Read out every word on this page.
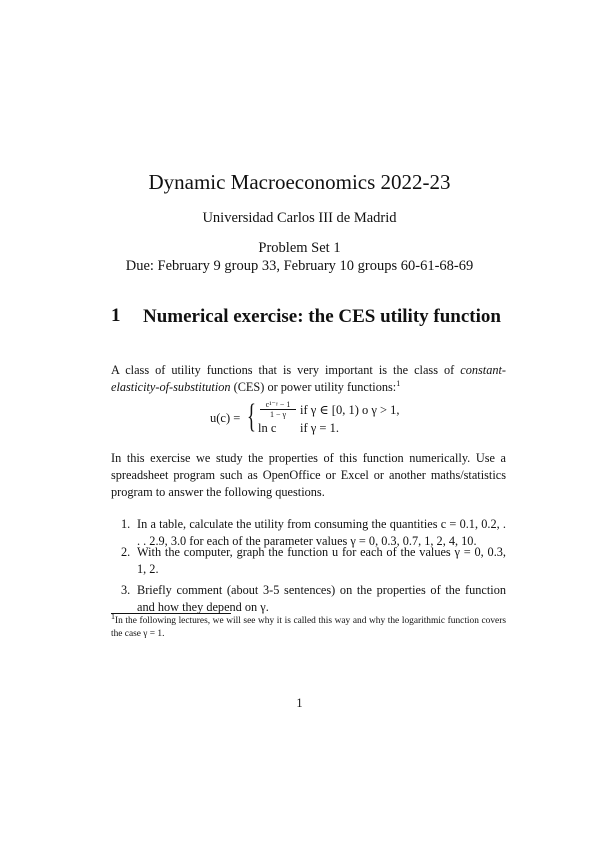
Dynamic Macroeconomics 2022-23
Universidad Carlos III de Madrid
Problem Set 1
Due: February 9 group 33, February 10 groups 60-61-68-69
1 Numerical exercise: the CES utility function
A class of utility functions that is very important is the class of constant-elasticity-of-substitution (CES) or power utility functions:$^1$
u(c) = {	c¹⁻ᵞ − 1
1 − γ	if γ ∈ [0, 1) o γ > 1,
ln c if γ = 1.
In this exercise we study the properties of this function numerically. Use a spreadsheet program such as OpenOffice or Excel or another maths/statistics program to answer the following questions.
1. In a table, calculate the utility from consuming the quantities c = 0.1, 0.2, . . . 2.9, 3.0 for each of the parameter values γ = 0, 0.3, 0.7, 1, 2, 4, 10.
2. With the computer, graph the function u for each of the values γ = 0, 0.3, 1, 2.
3. Briefly comment (about 3-5 sentences) on the properties of the function and how they depend on γ.
$^1$In the following lectures, we will see why it is called this way and why the logarithmic function covers the case γ = 1.
1
